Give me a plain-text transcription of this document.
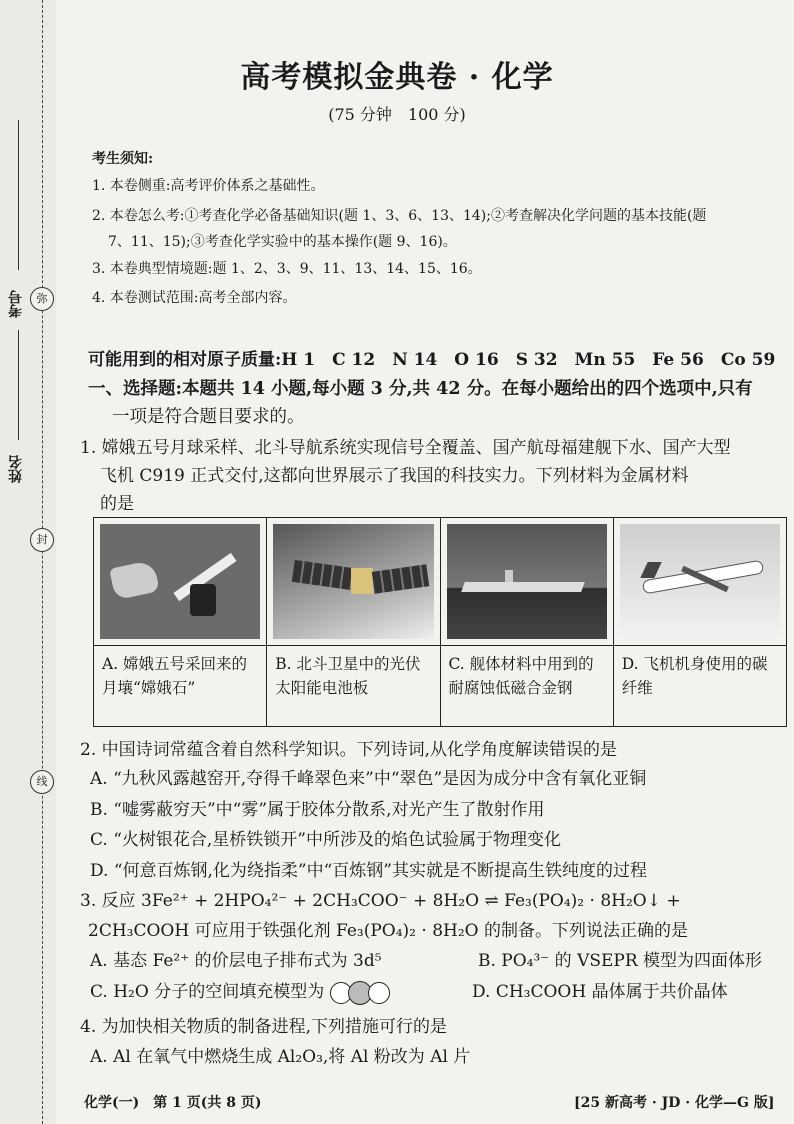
考号
姓名
弥
封
线
高考模拟金典卷 · 化学
(75 分钟　100 分)
考生须知:
1. 本卷侧重:高考评价体系之基础性。
2. 本卷怎么考:①考查化学必备基础知识(题 1、3、6、13、14);②考查解决化学问题的基本技能(题
7、11、15);③考查化学实验中的基本操作(题 9、16)。
3. 本卷典型情境题:题 1、2、3、9、11、13、14、15、16。
4. 本卷测试范围:高考全部内容。
可能用到的相对原子质量:H 1　C 12　N 14　O 16　S 32　Mn 55　Fe 56　Co 59
一、选择题:本题共 14 小题,每小题 3 分,共 42 分。在每小题给出的四个选项中,只有
一项是符合题目要求的。
1. 嫦娥五号月球采样、北斗导航系统实现信号全覆盖、国产航母福建舰下水、国产大型
飞机 C919 正式交付,这都向世界展示了我国的科技实力。下列材料为金属材料
的是
A. 嫦娥五号采回来的月壤“嫦娥石”
B. 北斗卫星中的光伏太阳能电池板
C. 舰体材料中用到的耐腐蚀低磁合金钢
D. 飞机机身使用的碳纤维
2. 中国诗词常蕴含着自然科学知识。下列诗词,从化学角度解读错误的是
A. “九秋风露越窑开,夺得千峰翠色来”中“翠色”是因为成分中含有氧化亚铜
B. “嘘雾蔽穷天”中“雾”属于胶体分散系,对光产生了散射作用
C. “火树银花合,星桥铁锁开”中所涉及的焰色试验属于物理变化
D. “何意百炼钢,化为绕指柔”中“百炼钢”其实就是不断提高生铁纯度的过程
3. 反应 3Fe²⁺ + 2HPO₄²⁻ + 2CH₃COO⁻ + 8H₂O ⇌ Fe₃(PO₄)₂ · 8H₂O↓ +
2CH₃COOH 可应用于铁强化剂 Fe₃(PO₄)₂ · 8H₂O 的制备。下列说法正确的是
A. 基态 Fe²⁺ 的价层电子排布式为 3d⁵	B. PO₄³⁻ 的 VSEPR 模型为四面体形
C. H₂O 分子的空间填充模型为	D. CH₃COOH 晶体属于共价晶体
4. 为加快相关物质的制备进程,下列措施可行的是
A. Al 在氧气中燃烧生成 Al₂O₃,将 Al 粉改为 Al 片
化学(一)　第 1 页(共 8 页)	[25 新高考 · JD · 化学—G 版]
